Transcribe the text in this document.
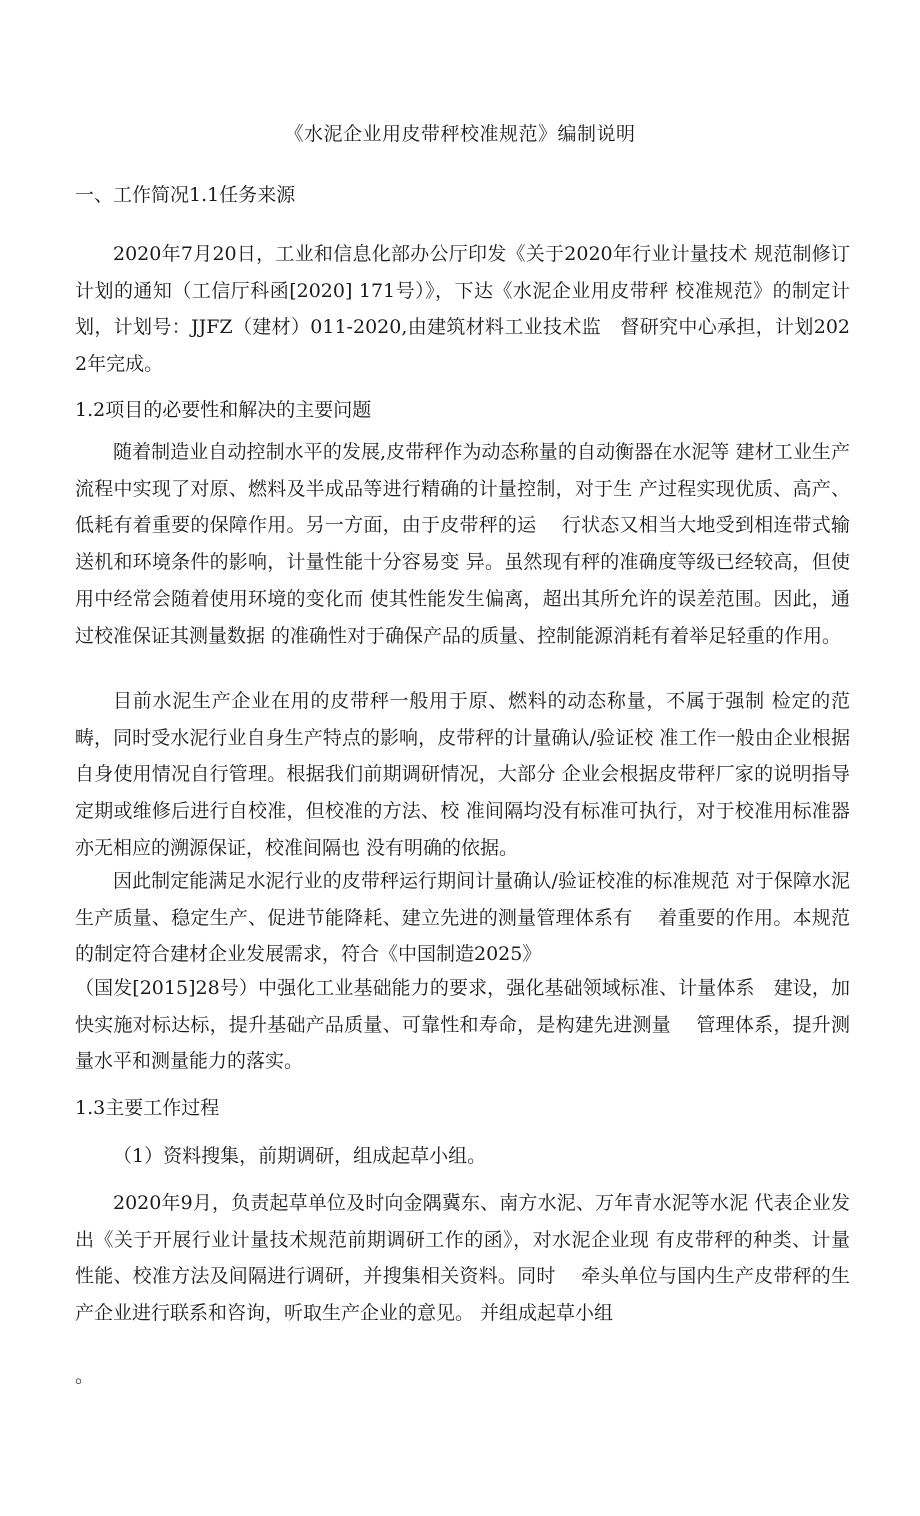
《水泥企业用皮带秤校准规范》编制说明
一、工作简况1.1任务来源
2020年7月20日，工业和信息化部办公厅印发《关于2020年行业计量技术 规范制修订计划的通知（工信厅科函[2020] 171号）》，下达《水泥企业用皮带秤 校准规范》的制定计划，计划号：JJFZ（建材）011-2020,由建筑材料工业技术监　督研究中心承担，计划2022年完成。
1.2项目的必要性和解决的主要问题
随着制造业自动控制水平的发展,皮带秤作为动态称量的自动衡器在水泥等 建材工业生产流程中实现了对原、燃料及半成品等进行精确的计量控制，对于生 产过程实现优质、高产、低耗有着重要的保障作用。另一方面，由于皮带秤的运　 行状态又相当大地受到相连带式输送机和环境条件的影响，计量性能十分容易变 异。虽然现有秤的准确度等级已经较高，但使用中经常会随着使用环境的变化而 使其性能发生偏离，超出其所允许的误差范围。因此，通过校准保证其测量数据 的准确性对于确保产品的质量、控制能源消耗有着举足轻重的作用。
目前水泥生产企业在用的皮带秤一般用于原、燃料的动态称量，不属于强制 检定的范畴，同时受水泥行业自身生产特点的影响，皮带秤的计量确认/验证校 准工作一般由企业根据自身使用情况自行管理。根据我们前期调研情况，大部分 企业会根据皮带秤厂家的说明指导定期或维修后进行自校准，但校准的方法、校 准间隔均没有标准可执行，对于校准用标准器亦无相应的溯源保证，校准间隔也 没有明确的依据。
因此制定能满足水泥行业的皮带秤运行期间计量确认/验证校准的标准规范 对于保障水泥生产质量、稳定生产、促进节能降耗、建立先进的测量管理体系有　 着重要的作用。本规范的制定符合建材企业发展需求，符合《中国制造2025》
（国发[2015]28号）中强化工业基础能力的要求，强化基础领域标准、计量体系　建设，加快实施对标达标，提升基础产品质量、可靠性和寿命，是构建先进测量　 管理体系，提升测量水平和测量能力的落实。
1.3主要工作过程
（1）资料搜集，前期调研，组成起草小组。
2020年9月，负责起草单位及时向金隅冀东、南方水泥、万年青水泥等水泥 代表企业发出《关于开展行业计量技术规范前期调研工作的函》，对水泥企业现 有皮带秤的种类、计量性能、校准方法及间隔进行调研，并搜集相关资料。同时　 牵头单位与国内生产皮带秤的生产企业进行联系和咨询，听取生产企业的意见。 并组成起草小组
。
